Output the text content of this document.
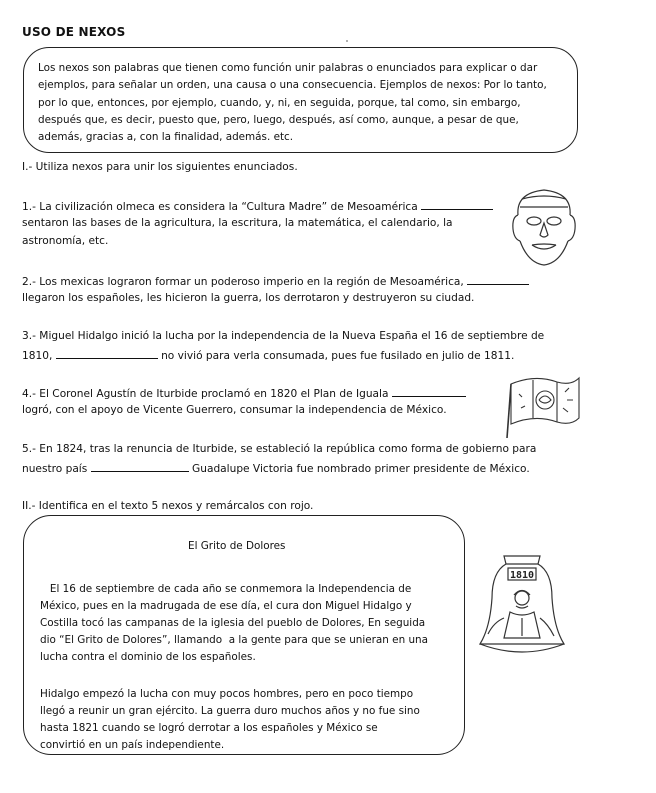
USO DE NEXOS

Los nexos son palabras que tienen como función unir palabras o enunciados para explicar o dar
ejemplos, para señalar un orden, una causa o una consecuencia. Ejemplos de nexos: Por lo tanto,
por lo que, entonces, por ejemplo, cuando, y, ni, en seguida, porque, tal como, sin embargo,
después que, es decir, puesto que, pero, luego, después, así como, aunque, a pesar de que,
además, gracias a, con la finalidad, además. etc.

I.- Utiliza nexos para unir los siguientes enunciados.
1.- La civilización olmeca es considera la “Cultura Madre” de Mesoamérica
sentaron las bases de la agricultura, la escritura, la matemática, el calendario, la
astronomía, etc.
2.- Los mexicas lograron formar un poderoso imperio en la región de Mesoamérica,
llegaron los españoles, les hicieron la guerra, los derrotaron y destruyeron su ciudad.
3.- Miguel Hidalgo inició la lucha por la independencia de la Nueva España el 16 de septiembre de
1810,	no vivió para verla consumada, pues fue fusilado en julio de 1811.
4.- El Coronel Agustín de Iturbide proclamó en 1820 el Plan de Iguala
logró, con el apoyo de Vicente Guerrero, consumar la independencia de México.
5.- En 1824, tras la renuncia de Iturbide, se estableció la república como forma de gobierno para
nuestro país	Guadalupe Victoria fue nombrado primer presidente de México.
II.- Identifica en el texto 5 nexos y remárcalos con rojo.
El Grito de Dolores

El 16 de septiembre de cada año se conmemora la Independencia de
México, pues en la madrugada de ese día, el cura don Miguel Hidalgo y
Costilla tocó las campanas de la iglesia del pueblo de Dolores, En seguida
dio “El Grito de Dolores”, llamando  a la gente para que se unieran en una
lucha contra el dominio de los españoles.

Hidalgo empezó la lucha con muy pocos hombres, pero en poco tiempo
llegó a reunir un gran ejército. La guerra duro muchos años y no fue sino
hasta 1821 cuando se logró derrotar a los españoles y México se
convirtió en un país independiente.
1810
